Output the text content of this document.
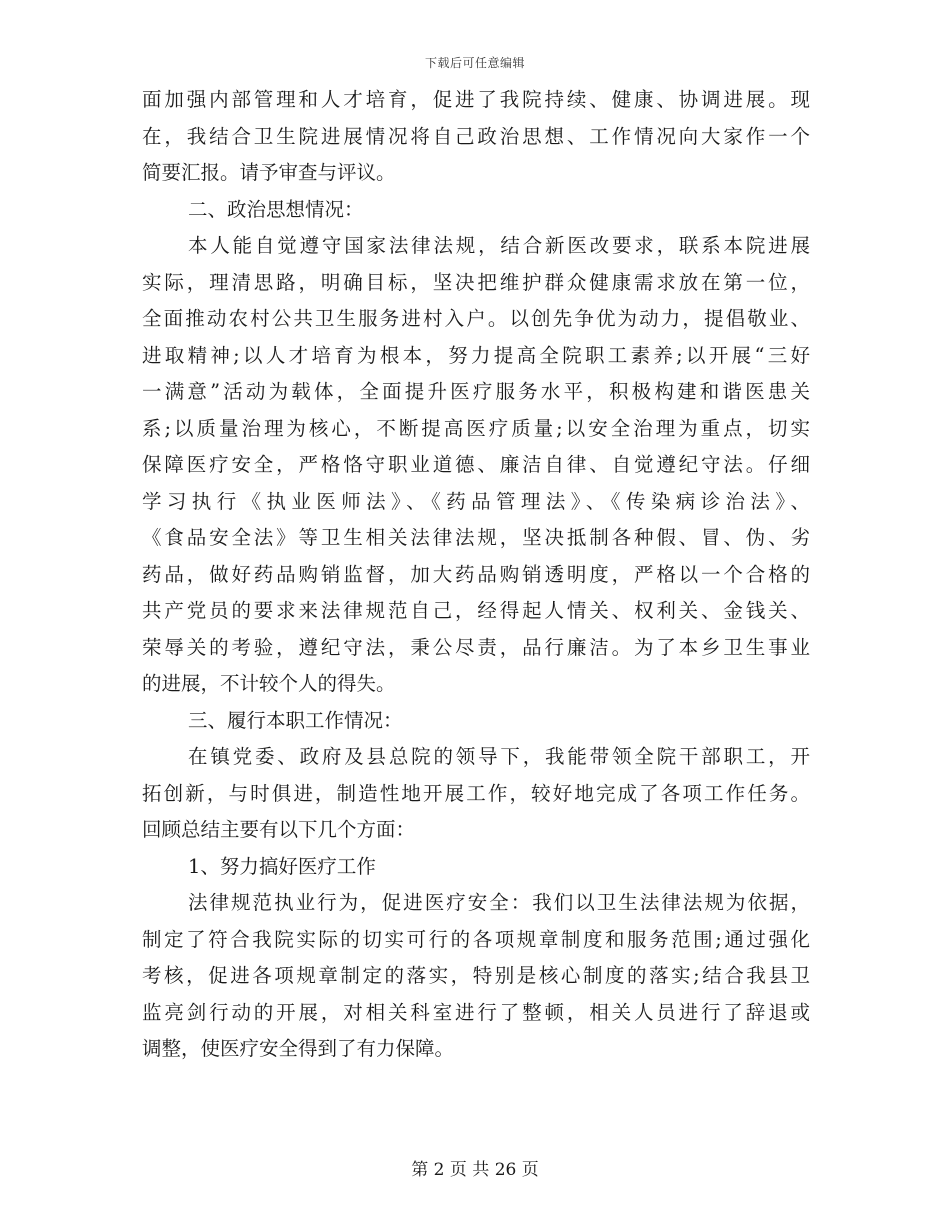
下载后可任意编辑
面加强内部管理和人才培育，促进了我院持续、健康、协调进展。现
在，我结合卫生院进展情况将自己政治思想、工作情况向大家作一个
简要汇报。请予审查与评议。
二、政治思想情况：
本人能自觉遵守国家法律法规，结合新医改要求，联系本院进展
实际，理清思路，明确目标，坚决把维护群众健康需求放在第一位，
全面推动农村公共卫生服务进村入户。以创先争优为动力，提倡敬业、
进取精神;以人才培育为根本，努力提高全院职工素养;以开展“三好
一满意”活动为载体，全面提升医疗服务水平，积极构建和谐医患关
系;以质量治理为核心，不断提高医疗质量;以安全治理为重点，切实
保障医疗安全，严格恪守职业道德、廉洁自律、自觉遵纪守法。仔细
学习执行《执业医师法》、《药品管理法》、《传染病诊治法》、
《食品安全法》等卫生相关法律法规，坚决抵制各种假、冒、伪、劣
药品，做好药品购销监督，加大药品购销透明度，严格以一个合格的
共产党员的要求来法律规范自己，经得起人情关、权利关、金钱关、
荣辱关的考验，遵纪守法，秉公尽责，品行廉洁。为了本乡卫生事业
的进展，不计较个人的得失。
三、履行本职工作情况：
在镇党委、政府及县总院的领导下，我能带领全院干部职工，开
拓创新，与时俱进，制造性地开展工作，较好地完成了各项工作任务。
回顾总结主要有以下几个方面：
1、努力搞好医疗工作
法律规范执业行为，促进医疗安全：我们以卫生法律法规为依据，
制定了符合我院实际的切实可行的各项规章制度和服务范围;通过强化
考核，促进各项规章制定的落实，特别是核心制度的落实;结合我县卫
监亮剑行动的开展，对相关科室进行了整顿，相关人员进行了辞退或
调整，使医疗安全得到了有力保障。
第 2 页 共 26 页
